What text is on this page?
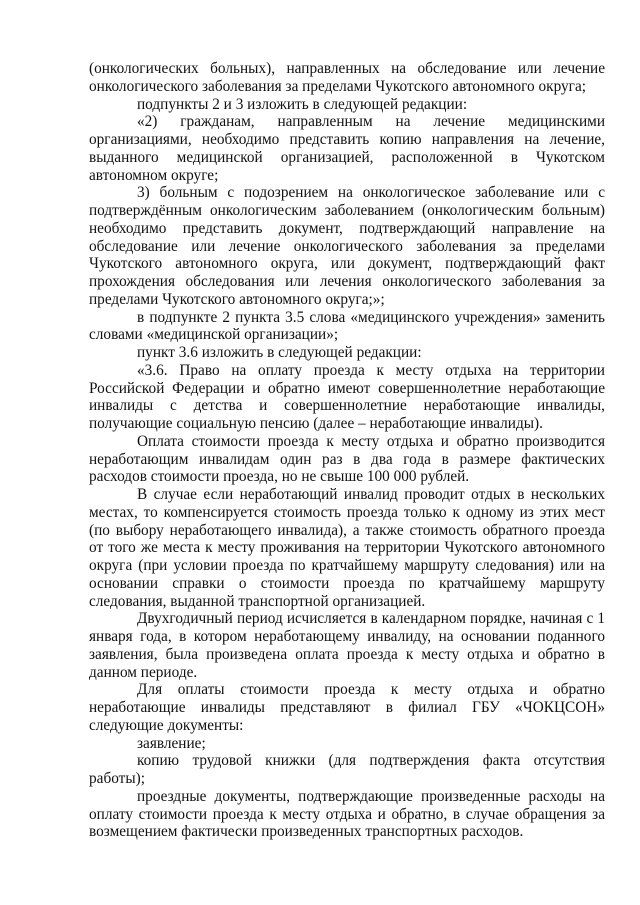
(онкологических больных), направленных на обследование или лечение онкологического заболевания за пределами Чукотского автономного округа;

подпункты 2 и 3 изложить в следующей редакции:

«2) гражданам, направленным на лечение медицинскими организациями, необходимо представить копию направления на лечение, выданного медицинской организацией, расположенной в Чукотском автономном округе;

3) больным с подозрением на онкологическое заболевание или с подтверждённым онкологическим заболеванием (онкологическим больным) необходимо представить документ, подтверждающий направление на обследование или лечение онкологического заболевания за пределами Чукотского автономного округа, или документ, подтверждающий факт прохождения обследования или лечения онкологического заболевания за пределами Чукотского автономного округа;»;

в подпункте 2 пункта 3.5 слова «медицинского учреждения» заменить словами «медицинской организации»;

пункт 3.6 изложить в следующей редакции:

«3.6. Право на оплату проезда к месту отдыха на территории Российской Федерации и обратно имеют совершеннолетние неработающие инвалиды с детства и совершеннолетние неработающие инвалиды, получающие социальную пенсию (далее – неработающие инвалиды).

Оплата стоимости проезда к месту отдыха и обратно производится неработающим инвалидам один раз в два года в размере фактических расходов стоимости проезда, но не свыше 100 000 рублей.

В случае если неработающий инвалид проводит отдых в нескольких местах, то компенсируется стоимость проезда только к одному из этих мест (по выбору неработающего инвалида), а также стоимость обратного проезда от того же места к месту проживания на территории Чукотского автономного округа (при условии проезда по кратчайшему маршруту следования) или на основании справки о стоимости проезда по кратчайшему маршруту следования, выданной транспортной организацией.

Двухгодичный период исчисляется в календарном порядке, начиная с 1 января года, в котором неработающему инвалиду, на основании поданного заявления, была произведена оплата проезда к месту отдыха и обратно в данном периоде.

Для оплаты стоимости проезда к месту отдыха и обратно неработающие инвалиды представляют в филиал ГБУ «ЧОКЦСОН» следующие документы:

заявление;

копию трудовой книжки (для подтверждения факта отсутствия работы);

проездные документы, подтверждающие произведенные расходы на оплату стоимости проезда к месту отдыха и обратно, в случае обращения за возмещением фактически произведенных транспортных расходов.
